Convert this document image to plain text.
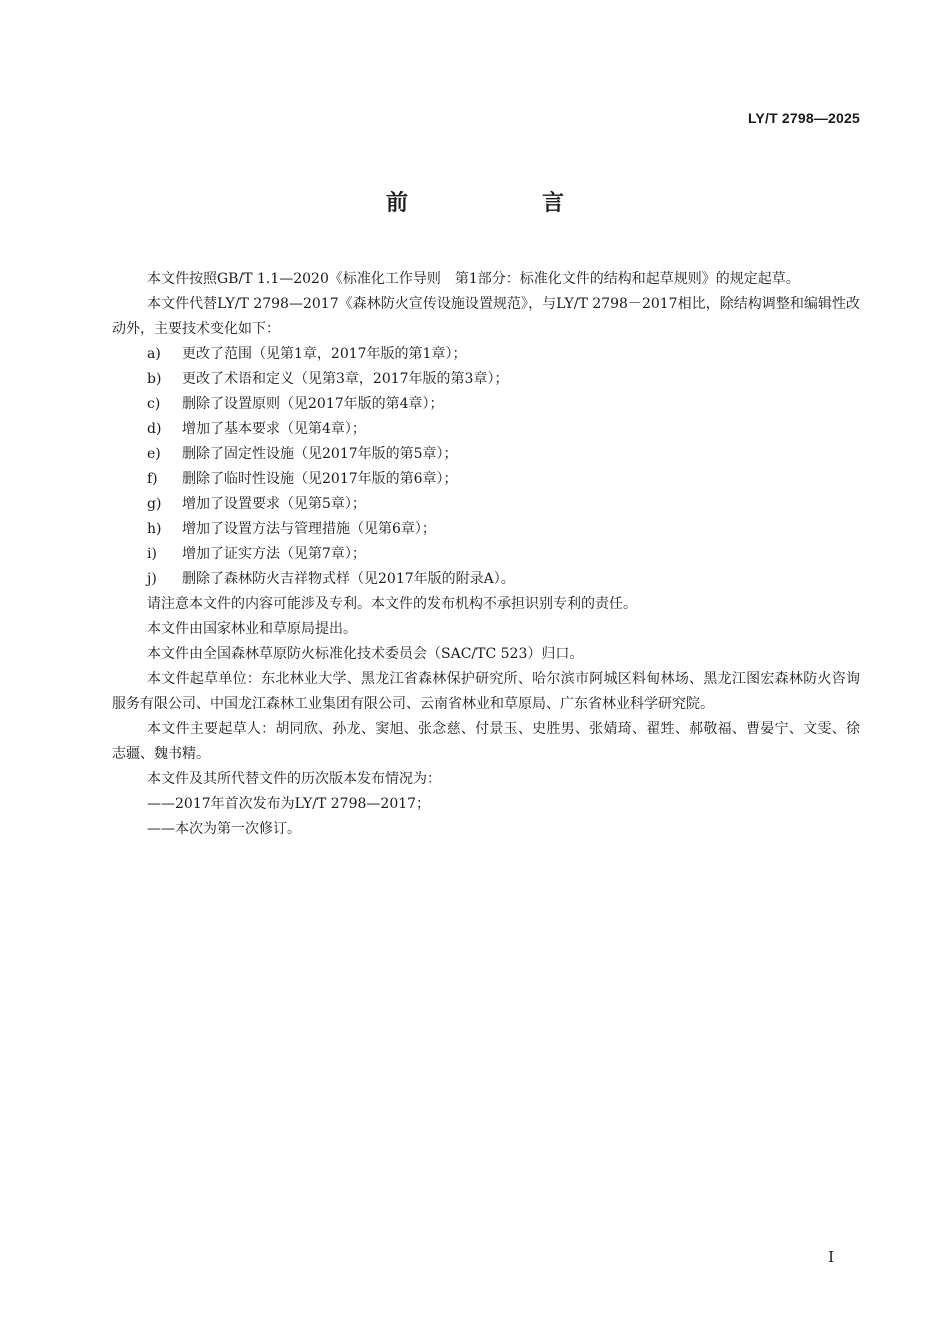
LY/T 2798—2025
前　言

本文件按照GB/T 1.1—2020《标准化工作导则　第1部分：标准化文件的结构和起草规则》的规定起草。

本文件代替LY/T 2798—2017《森林防火宣传设施设置规范》，与LY/T 2798－2017相比，除结构调整和编辑性改动外，主要技术变化如下：

a)	更改了范围（见第1章，2017年版的第1章）；
b)	更改了术语和定义（见第3章，2017年版的第3章）；
c)	删除了设置原则（见2017年版的第4章）；
d)	增加了基本要求（见第4章）；
e)	删除了固定性设施（见2017年版的第5章）；
f)	删除了临时性设施（见2017年版的第6章）；
g)	增加了设置要求（见第5章）；
h)	增加了设置方法与管理措施（见第6章）；
i)	增加了证实方法（见第7章）；
j)	删除了森林防火吉祥物式样（见2017年版的附录A）。

请注意本文件的内容可能涉及专利。本文件的发布机构不承担识别专利的责任。

本文件由国家林业和草原局提出。

本文件由全国森林草原防火标准化技术委员会（SAC/TC 523）归口。

本文件起草单位：东北林业大学、黑龙江省森林保护研究所、哈尔滨市阿城区料甸林场、黑龙江图宏森林防火咨询服务有限公司、中国龙江森林工业集团有限公司、云南省林业和草原局、广东省林业科学研究院。

本文件主要起草人：胡同欣、孙龙、窦旭、张念慈、付景玉、史胜男、张婧琦、翟甡、郝敬福、曹晏宁、文雯、徐志疆、魏书精。

本文件及其所代替文件的历次版本发布情况为：

——2017年首次发布为LY/T 2798—2017；

——本次为第一次修订。

I
